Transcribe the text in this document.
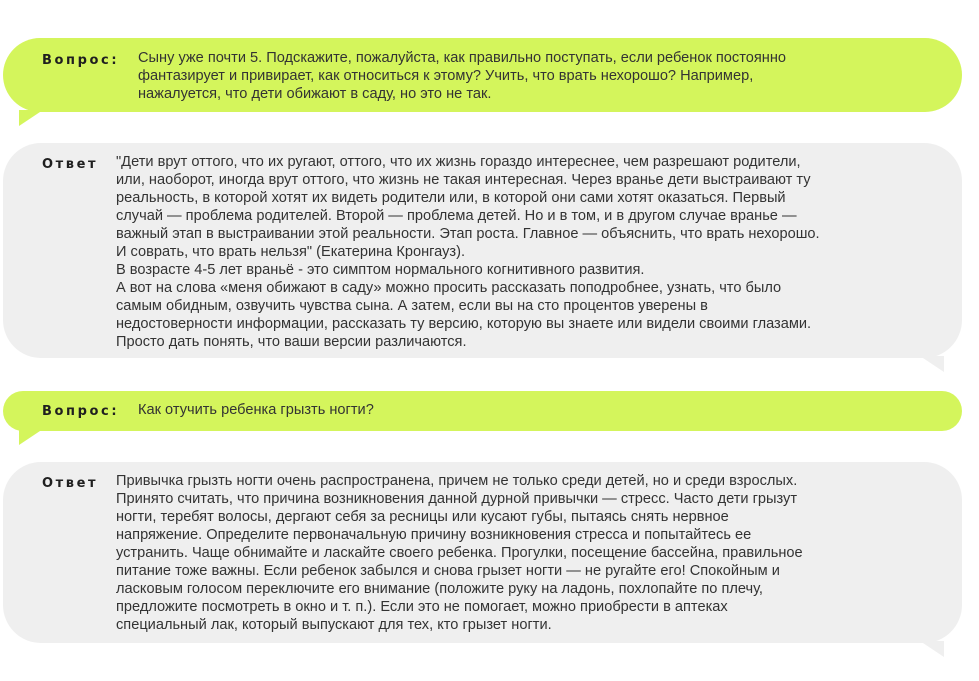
Вопрос: Сыну уже почти 5. Подскажите, пожалуйста, как правильно поступать, если ребенок постоянно
фантазирует и привирает, как относиться к этому? Учить, что врать нехорошо? Например,
нажалуется, что дети обижают в саду, но это не так.
Ответ "Дети врут оттого, что их ругают, оттого, что их жизнь гораздо интереснее, чем разрешают родители,
или, наоборот, иногда врут оттого, что жизнь не такая интересная. Через вранье дети выстраивают ту
реальность, в которой хотят их видеть родители или, в которой они сами хотят оказаться. Первый
случай — проблема родителей. Второй — проблема детей. Но и в том, и в другом случае вранье —
важный этап в выстраивании этой реальности. Этап роста. Главное — объяснить, что врать нехорошо.
И соврать, что врать нельзя" (Екатерина Кронгауз).
В возрасте 4-5 лет враньё - это симптом нормального когнитивного развития.
А вот на слова «меня обижают в саду» можно просить рассказать поподробнее, узнать, что было
самым обидным, озвучить чувства сына. А затем, если вы на сто процентов уверены в
недостоверности информации, рассказать ту версию, которую вы знаете или видели своими глазами.
Просто дать понять, что ваши версии различаются.
Вопрос: Как отучить ребенка грызть ногти?
Ответ Привычка грызть ногти очень распространена, причем не только среди детей, но и среди взрослых.
Принято считать, что причина возникновения данной дурной привычки — стресс. Часто дети грызут
ногти, теребят волосы, дергают себя за ресницы или кусают губы, пытаясь снять нервное
напряжение. Определите первоначальную причину возникновения стресса и попытайтесь ее
устранить. Чаще обнимайте и ласкайте своего ребенка. Прогулки, посещение бассейна, правильное
питание тоже важны. Если ребенок забылся и снова грызет ногти — не ругайте его! Спокойным и
ласковым голосом переключите его внимание (положите руку на ладонь, похлопайте по плечу,
предложите посмотреть в окно и т. п.). Если это не помогает, можно приобрести в аптеках
специальный лак, который выпускают для тех, кто грызет ногти.
